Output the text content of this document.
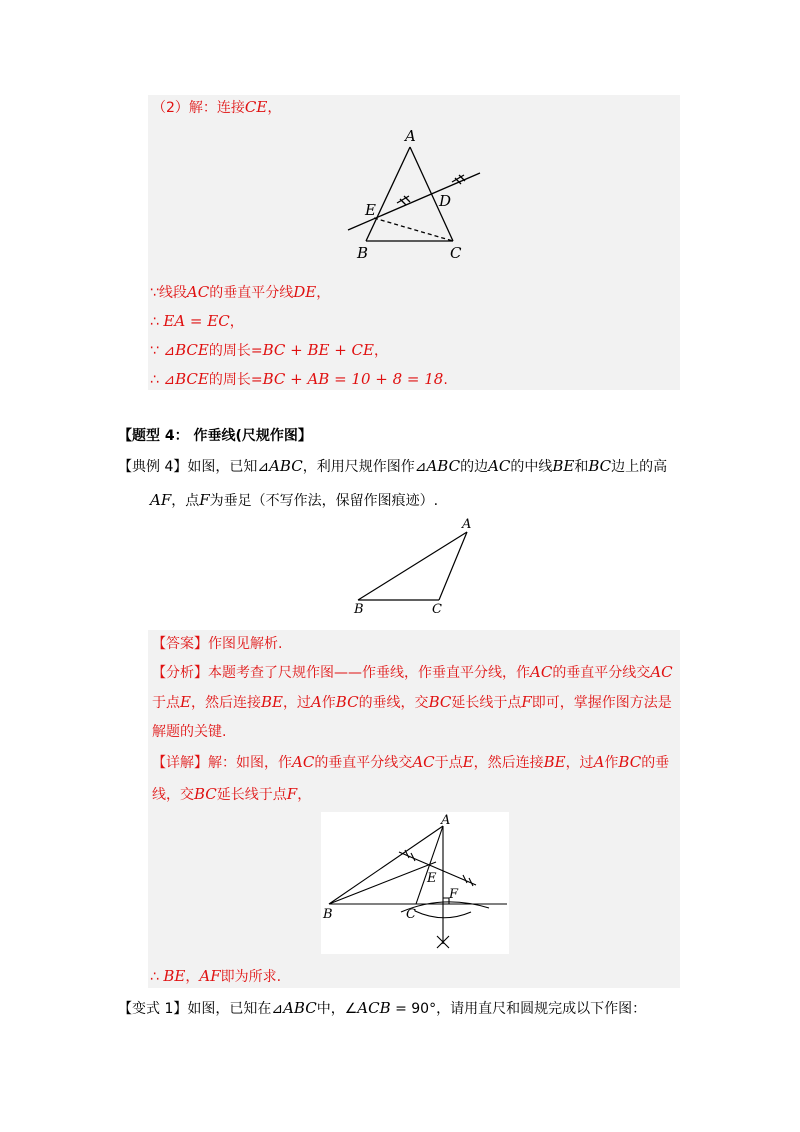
（2）解：连接CE，
A
E	D
B	C
∵线段AC的垂直平分线DE，
∴ EA = EC，
∵ ⊿BCE的周长=BC + BE + CE，
∴ ⊿BCE的周长=BC + AB = 10 + 8 = 18.
【题型 4： 作垂线(尺规作图】
【典例 4】如图，已知⊿ABC，利用尺规作图作⊿ABC的边AC的中线BE和BC边上的高
AF，点F为垂足（不写作法，保留作图痕迹）.
A
B	C
【答案】作图见解析.
【分析】本题考查了尺规作图——作垂线，作垂直平分线，作AC的垂直平分线交AC
于点E，然后连接BE，过A作BC的垂线，交BC延长线于点F即可，掌握作图方法是
解题的关键.
【详解】解：如图，作AC的垂直平分线交AC于点E，然后连接BE，过A作BC的垂
线，交BC延长线于点F，
A
E
F
B	C
∴ BE，AF即为所求.
【变式 1】如图，已知在⊿ABC中，∠ACB = 90°，请用直尺和圆规完成以下作图：
